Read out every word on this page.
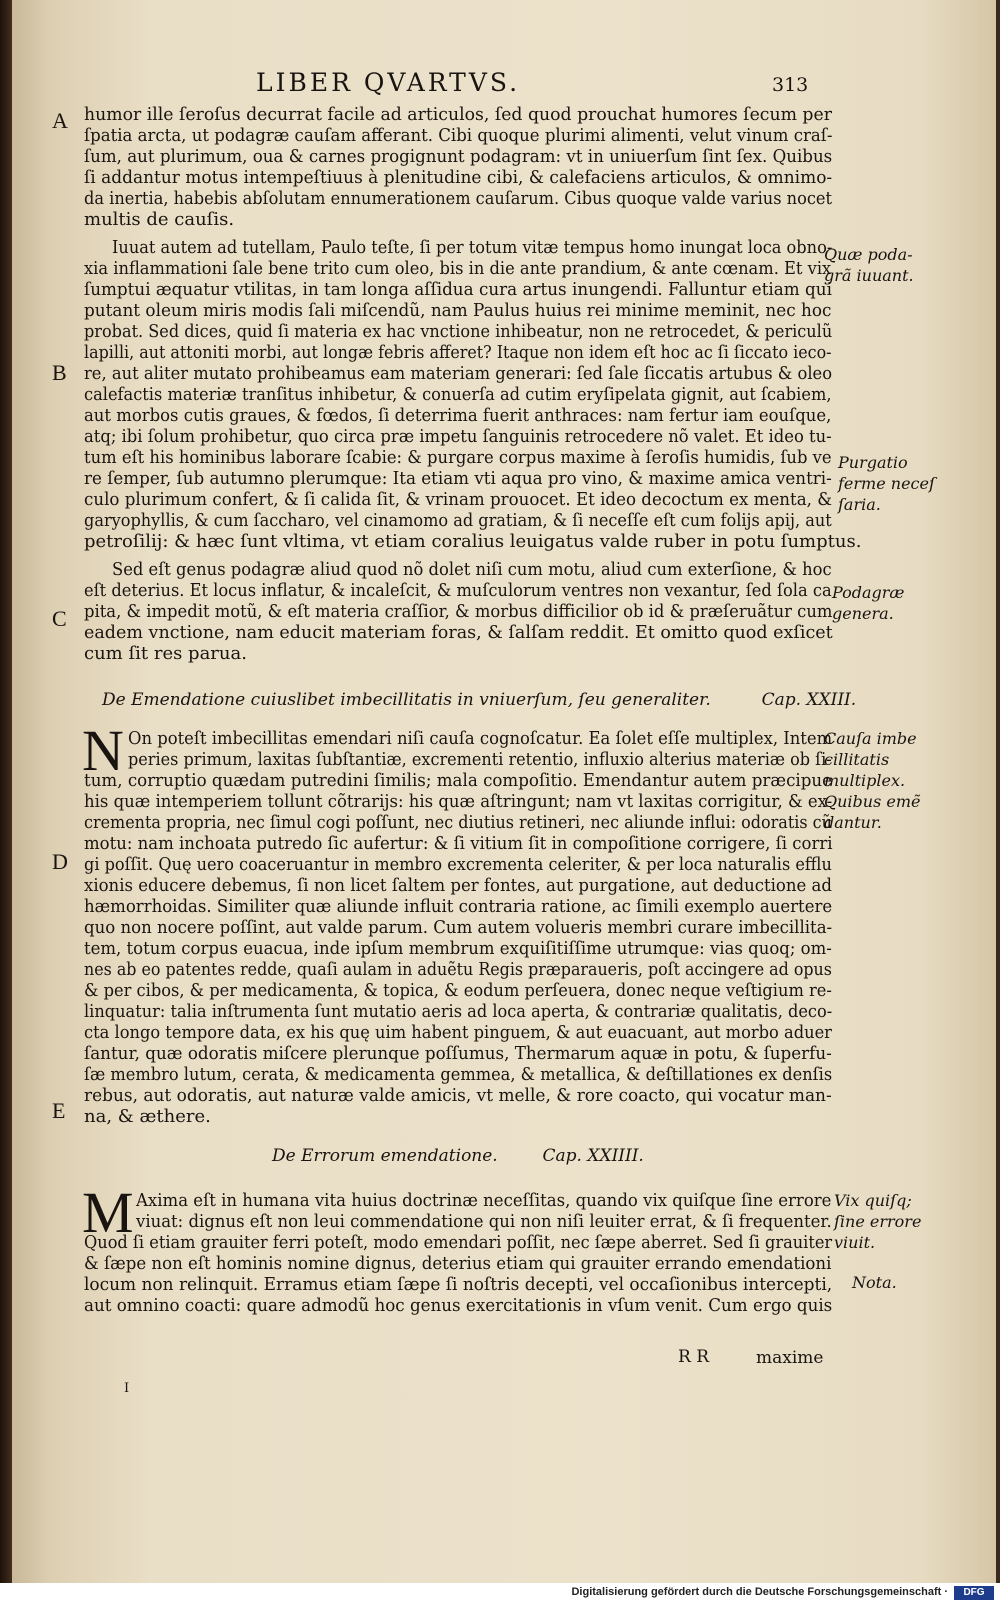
LIBER QVARTVS.	313
A
B
C
D
E
Quæ poda-
grã iuuant.
Purgatio
ferme neceſ
ſaria.
Podagræ
genera.
Cauſa imbe
cillitatis
multiplex.
Quibus emẽ
dantur.
Vix quiſq;
ſine errore
viuit.
Nota.
humor ille ſeroſus decurrat facile ad articulos, ſed quod prouchat humores ſecum per
ſpatia arcta, ut podagræ cauſam afferant. Cibi quoque plurimi alimenti, velut vinum craſ-
ſum, aut plurimum, oua & carnes progignunt podagram: vt in uniuerſum ſint ſex. Quibus
ſi addantur motus intempeſtiuus à plenitudine cibi, & calefaciens articulos, & omnimo-
da inertia, habebis abſolutam ennumerationem cauſarum. Cibus quoque valde varius nocet
multis de cauſis.
Iuuat autem ad tutellam, Paulo teſte, ſi per totum vitæ tempus homo inungat loca obno-
xia inflammationi ſale bene trito cum oleo, bis in die ante prandium, & ante cœnam. Et vix
ſumptui æquatur vtilitas, in tam longa aſſidua cura artus inungendi. Falluntur etiam qui
putant oleum miris modis ſali miſcendũ, nam Paulus huius rei minime meminit, nec hoc
probat. Sed dices, quid ſi materia ex hac vnctione inhibeatur, non ne retrocedet, & periculũ
lapilli, aut attoniti morbi, aut longæ febris afferet? Itaque non idem eſt hoc ac ſi ſiccato ieco-
re, aut aliter mutato prohibeamus eam materiam generari: ſed ſale ſiccatis artubus & oleo
calefactis materiæ tranſitus inhibetur, & conuerſa ad cutim eryſipelata gignit, aut ſcabiem,
aut morbos cutis graues, & fœdos, ſi deterrima fuerit anthraces: nam fertur iam eouſque,
atq; ibi ſolum prohibetur, quo circa præ impetu ſanguinis retrocedere nõ valet. Et ideo tu-
tum eſt his hominibus laborare ſcabie: & purgare corpus maxime à ſeroſis humidis, ſub ve
re ſemper, ſub autumno plerumque: Ita etiam vti aqua pro vino, & maxime amica ventri-
culo plurimum confert, & ſi calida ſit, & vrinam prouocet. Et ideo decoctum ex menta, &
garyophyllis, & cum ſaccharo, vel cinamomo ad gratiam, & ſi neceſſe eſt cum folijs apij, aut
petroſilij: & hæc ſunt vltima, vt etiam coralius leuigatus valde ruber in potu ſumptus.
Sed eſt genus podagræ aliud quod nõ dolet niſi cum motu, aliud cum exterſione, & hoc
eſt deterius. Et locus inflatur, & incaleſcit, & muſculorum ventres non vexantur, ſed ſola ca
pita, & impedit motũ, & eſt materia craſſior, & morbus difficilior ob id & præſeruãtur cum
eadem vnctione, nam educit materiam foras, & ſalſam reddit. Et omitto quod exſicet
cum ſit res parua.
De Emendatione cuiuslibet imbecillitatis in vniuerſum, ſeu generaliter.	Cap. XXIII.
N On poteſt imbecillitas emendari niſi cauſa cognoſcatur. Ea ſolet eſſe multiplex, Intem
peries primum, laxitas ſubſtantiæ, excrementi retentio, influxio alterius materiæ ob ſi-
tum, corruptio quædam putredini ſimilis; mala compoſitio. Emendantur autem præcipue
his quæ intemperiem tollunt cõtrarijs: his quæ aſtringunt; nam vt laxitas corrigitur, & ex-
crementa propria, nec ſimul cogi poſſunt, nec diutius retineri, nec aliunde influi: odoratis cũ
motu: nam inchoata putredo ſic aufertur: & ſi vitium ſit in compoſitione corrigere, ſi corri
gi poſſit. Quę uero coaceruantur in membro excrementa celeriter, & per loca naturalis efflu
xionis educere debemus, ſi non licet ſaltem per fontes, aut purgatione, aut deductione ad
hæmorrhoidas. Similiter quæ aliunde influit contraria ratione, ac ſimili exemplo auertere
quo non nocere poſſint, aut valde parum. Cum autem volueris membri curare imbecillita-
tem, totum corpus euacua, inde ipſum membrum exquiſitiſſime utrumque: vias quoq; om-
nes ab eo patentes redde, quaſi aulam in aduẽtu Regis præparaueris, poſt accingere ad opus
& per cibos, & per medicamenta, & topica, & eodum perſeuera, donec neque veſtigium re-
linquatur: talia inſtrumenta ſunt mutatio aeris ad loca aperta, & contrariæ qualitatis, deco-
cta longo tempore data, ex his quę uim habent pinguem, & aut euacuant, aut morbo aduer
ſantur, quæ odoratis miſcere plerunque poſſumus, Thermarum aquæ in potu, & ſuperfu-
ſæ membro lutum, cerata, & medicamenta gemmea, & metallica, & deſtillationes ex denſis
rebus, aut odoratis, aut naturæ valde amicis, vt melle, & rore coacto, qui vocatur man-
na, & æthere.
De Errorum emendatione.	Cap. XXIIII.
M Axima eſt in humana vita huius doctrinæ neceſſitas, quando vix quiſque ſine errore
viuat: dignus eſt non leui commendatione qui non niſi leuiter errat, & ſi frequenter.
Quod ſi etiam grauiter ferri poteſt, modo emendari poſſit, nec ſæpe aberret. Sed ſi grauiter
& ſæpe non eſt hominis nomine dignus, deterius etiam qui grauiter errando emendationi
locum non relinquit. Erramus etiam ſæpe ſi noſtris decepti, vel occaſionibus intercepti,
aut omnino coacti: quare admodũ hoc genus exercitationis in vſum venit. Cum ergo quis
R R	maxime
I
Digitalisierung gefördert durch die Deutsche Forschungsgemeinschaft ·	DFG
